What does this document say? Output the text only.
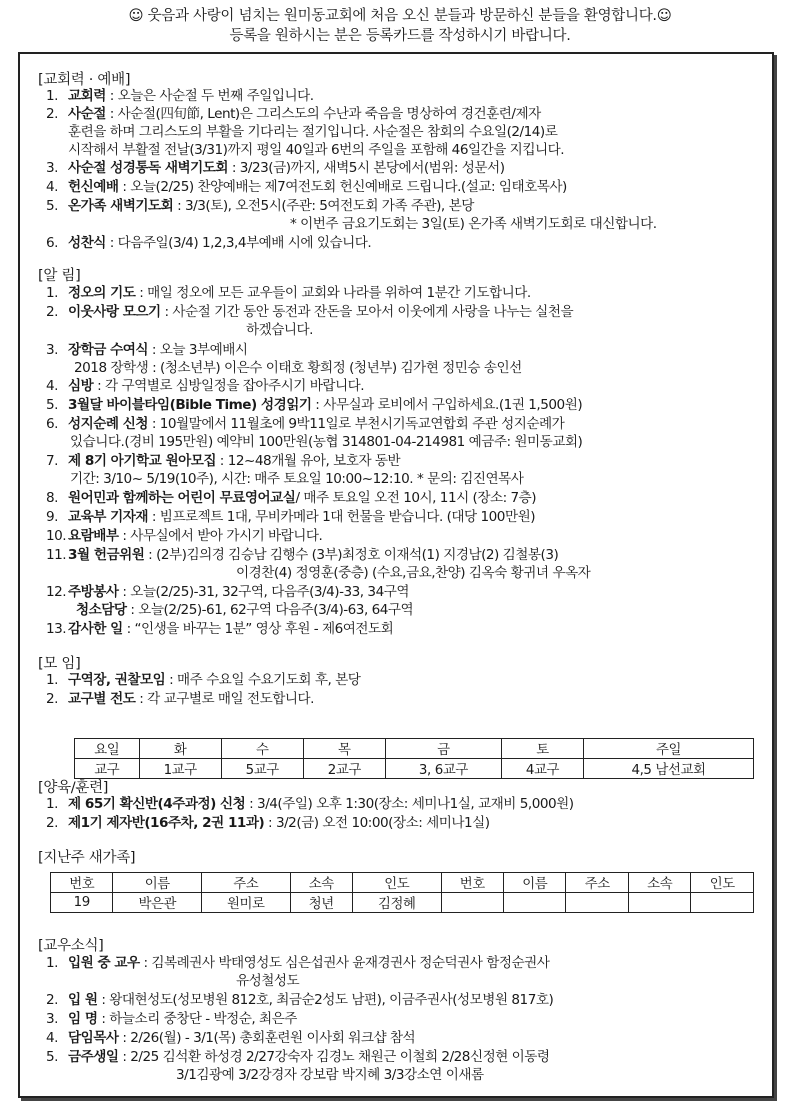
☺ 웃음과 사랑이 넘치는 원미동교회에 처음 오신 분들과 방문하신 분들을 환영합니다.☺
등록을 원하시는 분은 등록카드를 작성하시기 바랍니다.
[교회력 · 예배]
1. 교회력 : 오늘은 사순절 두 번째 주일입니다.
2. 사순절 : 사순절(四旬節, Lent)은 그리스도의 수난과 죽음을 명상하여 경건훈련/제자
훈련을 하며 그리스도의 부활을 기다리는 절기입니다. 사순절은 참회의 수요일(2/14)로
시작해서 부활절 전날(3/31)까지 평일 40일과 6번의 주일을 포함해 46일간을 지킵니다.
3. 사순절 성경통독 새벽기도회 : 3/23(금)까지, 새벽5시 본당에서(범위: 성문서)
4. 헌신예배 : 오늘(2/25) 찬양예배는 제7여전도회 헌신예배로 드립니다.(설교: 임태호목사)
5. 온가족 새벽기도회 : 3/3(토), 오전5시(주관: 5여전도회 가족 주관), 본당
* 이번주 금요기도회는 3일(토) 온가족 새벽기도회로 대신합니다.
6. 성찬식 : 다음주일(3/4) 1,2,3,4부예배 시에 있습니다.
[알 림]
1. 정오의 기도 : 매일 정오에 모든 교우들이 교회와 나라를 위하여 1분간 기도합니다.
2. 이웃사랑 모으기 : 사순절 기간 동안 동전과 잔돈을 모아서 이웃에게 사랑을 나누는 실천을
하겠습니다.
3. 장학금 수여식 : 오늘 3부예배시
2018 장학생 : (청소년부) 이은수 이태호 황희정 (청년부) 김가현 정민승 송인선
4. 심방 : 각 구역별로 심방일정을 잡아주시기 바랍니다.
5. 3월달 바이블타임(Bible Time) 성경읽기 : 사무실과 로비에서 구입하세요.(1권 1,500원)
6. 성지순례 신청 : 10월말에서 11월초에 9박11일로 부천시기독교연합회 주관 성지순례가
있습니다.(경비 195만원) 예약비 100만원(농협 314801-04-214981 예금주: 원미동교회)
7. 제 8기 아기학교 원아모집 : 12~48개월 유아, 보호자 동반
기간: 3/10~ 5/19(10주), 시간: 매주 토요일 10:00~12:10. * 문의: 김진연목사
8. 원어민과 함께하는 어린이 무료영어교실/ 매주 토요일 오전 10시, 11시 (장소: 7층)
9. 교육부 기자재 : 빔프로젝트 1대, 무비카메라 1대 헌물을 받습니다. (대당 100만원)
10. 요람배부 : 사무실에서 받아 가시기 바랍니다.
11. 3월 헌금위원 : (2부)김의경 김승남 김행수 (3부)최정호 이재석(1) 지경남(2) 김철봉(3)
이경찬(4) 정영훈(중층) (수요,금요,찬양) 김옥숙 황귀녀 우옥자
12. 주방봉사 : 오늘(2/25)-31, 32구역, 다음주(3/4)-33, 34구역
청소담당 : 오늘(2/25)-61, 62구역 다음주(3/4)-63, 64구역
13. 감사한 일 : “인생을 바꾸는 1분” 영상 후원 - 제6여전도회
[모 임]
1. 구역장, 권찰모임 : 매주 수요일 수요기도회 후, 본당
2. 교구별 전도 : 각 교구별로 매일 전도합니다.
요일	화	수	목	금	토	주일
교구	1교구	5교구	2교구	3, 6교구	4교구	4,5 남선교회
[양육/훈련]
1. 제 65기 확신반(4주과정) 신청 : 3/4(주일) 오후 1:30(장소: 세미나1실, 교재비 5,000원)
2. 제1기 제자반(16주차, 2권 11과) : 3/2(금) 오전 10:00(장소: 세미나1실)
[지난주 새가족]
번호	이름	주소	소속	인도	번호	이름	주소	소속	인도
19	박은관	원미로	청년	김정혜					
[교우소식]
1. 입원 중 교우 : 김복례권사 박태영성도 심은섭권사 윤재경권사 정순덕권사 함정순권사
유성철성도
2. 입 원 : 왕대현성도(성모병원 812호, 최금순2성도 남편), 이금주권사(성모병원 817호)
3. 임 명 : 하늘소리 중창단 - 박정순, 최은주
4. 담임목사 : 2/26(월) - 3/1(목) 총회훈련원 이사회 워크샵 참석
5. 금주생일 : 2/25 김석환 하성경 2/27강숙자 김경노 채원근 이철희 2/28신정현 이동령
3/1김광예 3/2강경자 강보람 박지혜 3/3강소연 이새롬
